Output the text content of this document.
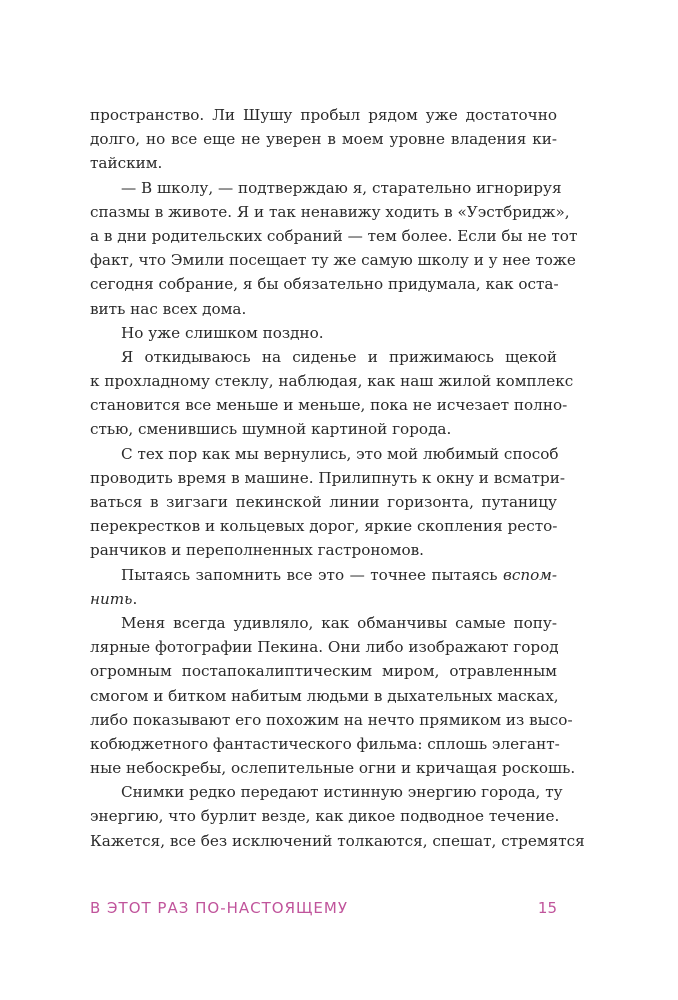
пространство. Ли Шушу пробыл рядом уже достаточно
долго, но все еще не уверен в моем уровне владения ки-
тайским.
— В школу, — подтверждаю я, старательно игнорируя
спазмы в животе. Я и так ненавижу ходить в «Уэстбридж»,
а в дни родительских собраний — тем более. Если бы не тот
факт, что Эмили посещает ту же самую школу и у нее тоже
сегодня собрание, я бы обязательно придумала, как оста-
вить нас всех дома.
Но уже слишком поздно.
Я откидываюсь на сиденье и прижимаюсь щекой
к прохладному стеклу, наблюдая, как наш жилой комплекс
становится все меньше и меньше, пока не исчезает полно-
стью, сменившись шумной картиной города.
С тех пор как мы вернулись, это мой любимый способ
проводить время в машине. Прилипнуть к окну и всматри-
ваться в зигзаги пекинской линии горизонта, путаницу
перекрестков и кольцевых дорог, яркие скопления ресто-
ранчиков и переполненных гастрономов.
Пытаясь запомнить все это — точнее пытаясь вспом-
нить.
Меня всегда удивляло, как обманчивы самые попу-
лярные фотографии Пекина. Они либо изображают город
огромным постапокалиптическим миром, отравленным
смогом и битком набитым людьми в дыхательных масках,
либо показывают его похожим на нечто прямиком из высо-
кобюджетного фантастического фильма: сплошь элегант-
ные небоскребы, ослепительные огни и кричащая роскошь.
Снимки редко передают истинную энергию города, ту
энергию, что бурлит везде, как дикое подводное течение.
Кажется, все без исключений толкаются, спешат, стремятся
В ЭТОТ РАЗ ПО-НАСТОЯЩЕМУ	15
